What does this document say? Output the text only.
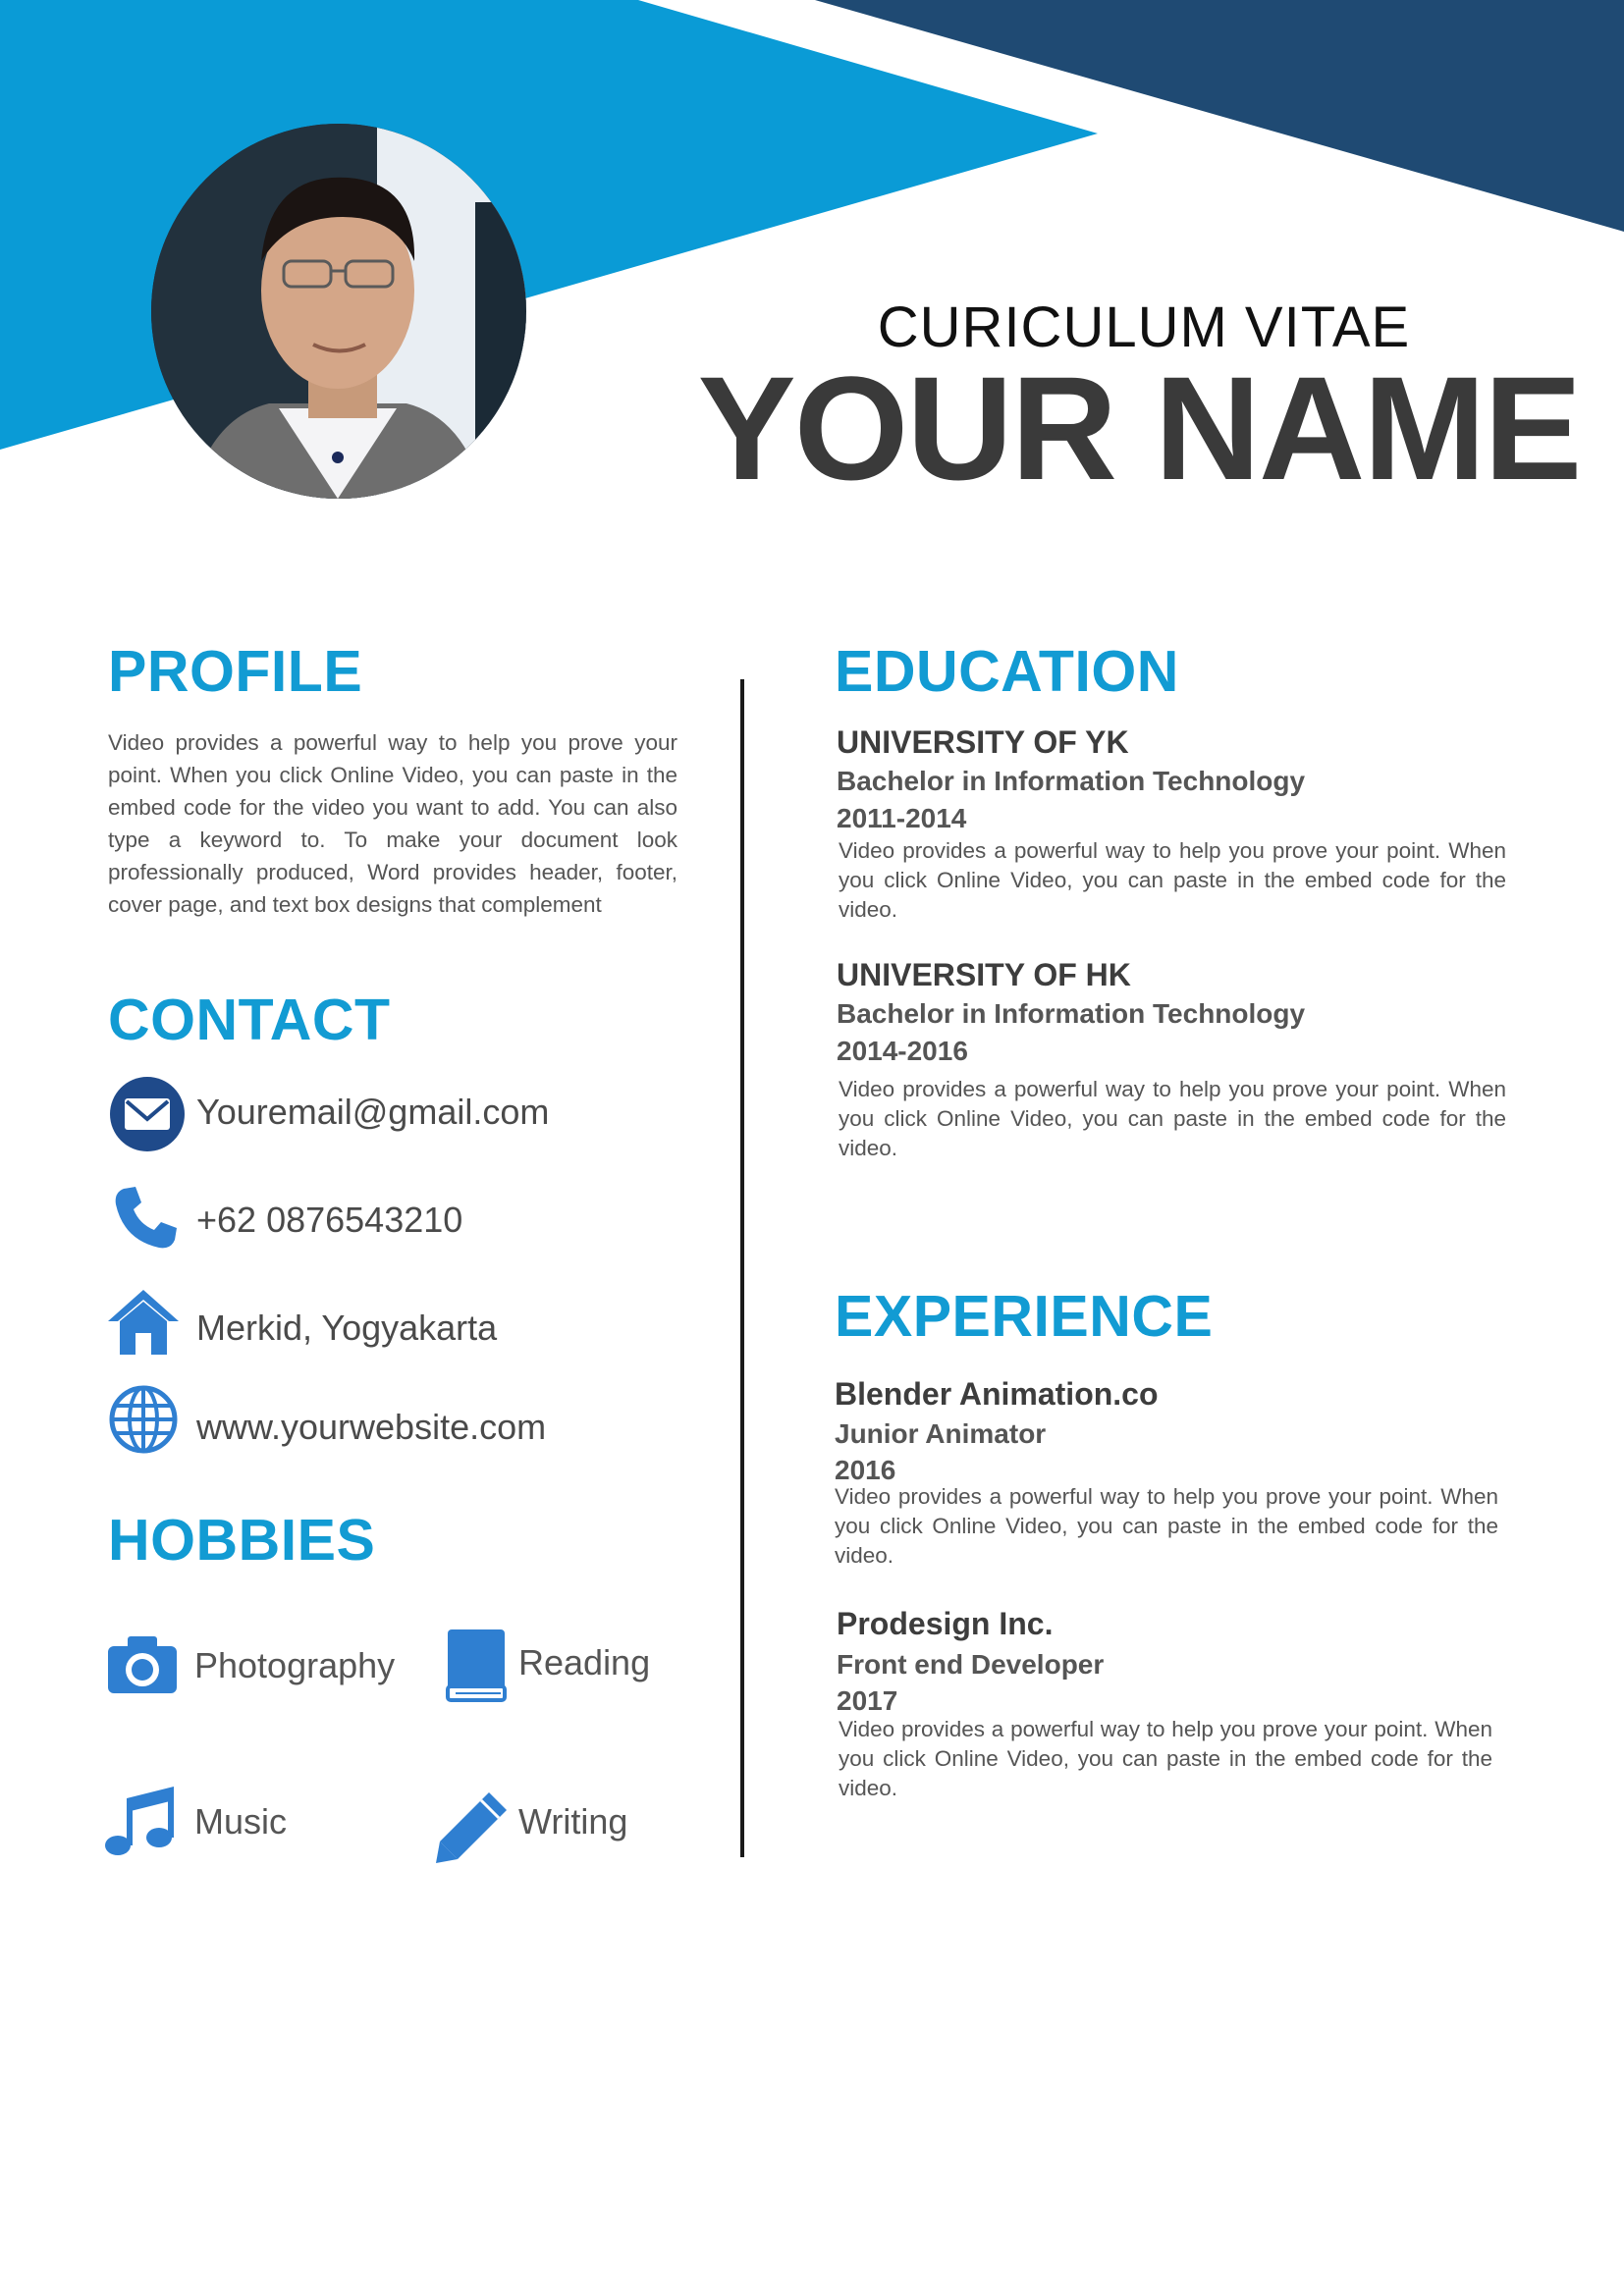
CURICULUM VITAE
YOUR NAME
PROFILE
Video provides a powerful way to help you prove your point. When you click Online Video, you can paste in the embed code for the video you want to add. You can also type a keyword to. To make your document look professionally produced, Word provides header, footer, cover page, and text box designs that complement
CONTACT
Youremail@gmail.com
+62 0876543210
Merkid, Yogyakarta
www.yourwebsite.com
HOBBIES
Photography	Reading
Music	Writing
EDUCATION
UNIVERSITY OF YK
Bachelor in Information Technology
2011-2014
Video provides a powerful way to help you prove your point. When you click Online Video, you can paste in the embed code for the video.
UNIVERSITY OF HK
Bachelor in Information Technology
2014-2016
Video provides a powerful way to help you prove your point. When you click Online Video, you can paste in the embed code for the video.
EXPERIENCE
Blender Animation.co
Junior Animator
2016
Video provides a powerful way to help you prove your point. When you click Online Video, you can paste in the embed code for the video.
Prodesign Inc.
Front end Developer
2017
Video provides a powerful way to help you prove your point. When you click Online Video, you can paste in the embed code for the video.
